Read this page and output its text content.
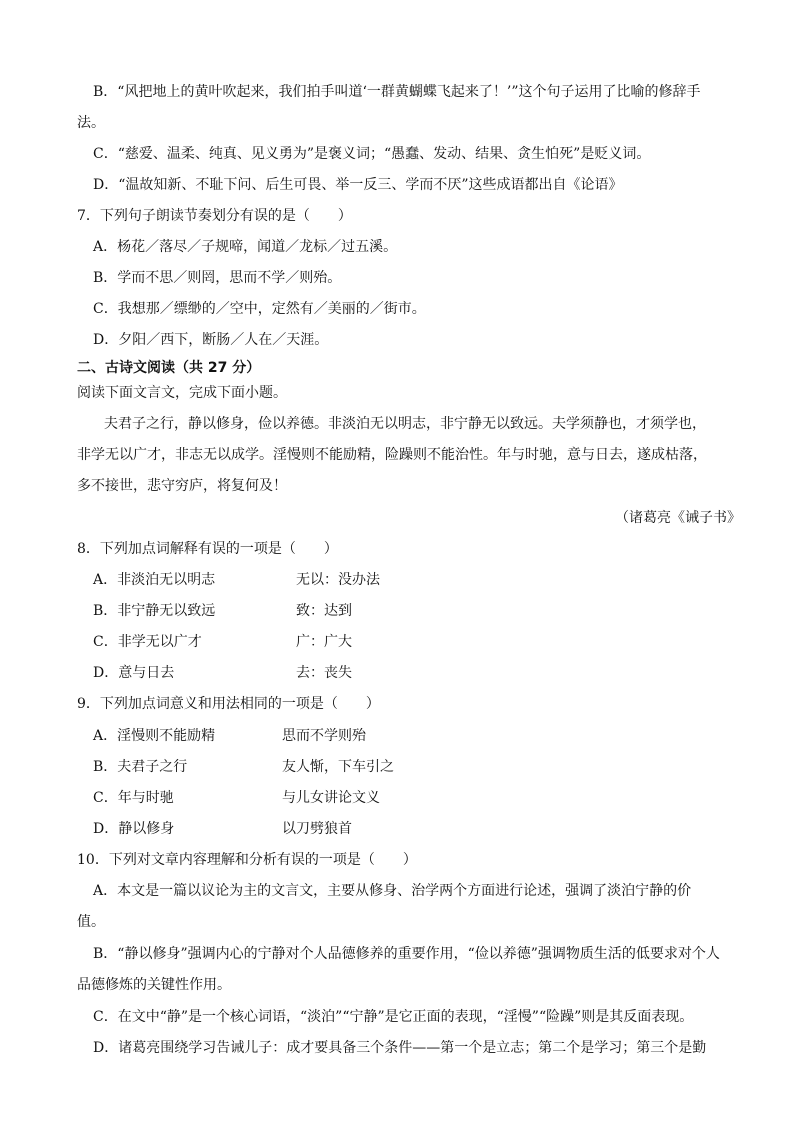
B．“风把地上的黄叶吹起来，我们拍手叫道‘一群黄蝴蝶飞起来了！’”这个句子运用了比喻的修辞手
法。
C．“慈爱、温柔、纯真、见义勇为”是褒义词；“愚蠢、发动、结果、贪生怕死”是贬义词。
D．“温故知新、不耻下问、后生可畏、举一反三、学而不厌”这些成语都出自《论语》
7．下列句子朗读节奏划分有误的是（　　）
A．杨花／落尽／子规啼，闻道／龙标／过五溪。
B．学而不思／则罔，思而不学／则殆。
C．我想那／缥缈的／空中，定然有／美丽的／街市。
D．夕阳／西下，断肠／人在／天涯。
二、古诗文阅读（共 27 分）
阅读下面文言文，完成下面小题。
夫君子之行，静以修身，俭以养德。非淡泊无以明志，非宁静无以致远。夫学须静也，才须学也，
非学无以广才，非志无以成学。淫慢则不能励精，险躁则不能治性。年与时驰，意与日去，遂成枯落，
多不接世，悲守穷庐，将复何及！
（诸葛亮《诫子书》
8．下列加点词解释有误的一项是（　　）
A．非淡泊无以明志	无以：没办法
B．非宁静无以致远	致：达到
C．非学无以广才	广：广大
D．意与日去	去：丧失
9．下列加点词意义和用法相同的一项是（　　）
A．淫慢则不能励精	思而不学则殆
B．夫君子之行	友人惭，下车引之
C．年与时驰	与儿女讲论文义
D．静以修身	以刀劈狼首
10．下列对文章内容理解和分析有误的一项是（　　）
A．本文是一篇以议论为主的文言文，主要从修身、治学两个方面进行论述，强调了淡泊宁静的价
值。
B．“静以修身”强调内心的宁静对个人品德修养的重要作用，“俭以养德”强调物质生活的低要求对个人
品德修炼的关键性作用。
C．在文中“静”是一个核心词语，“淡泊”“宁静”是它正面的表现，“淫慢”“险躁”则是其反面表现。
D．诸葛亮围绕学习告诫儿子：成才要具备三个条件——第一个是立志；第二个是学习；第三个是勤
